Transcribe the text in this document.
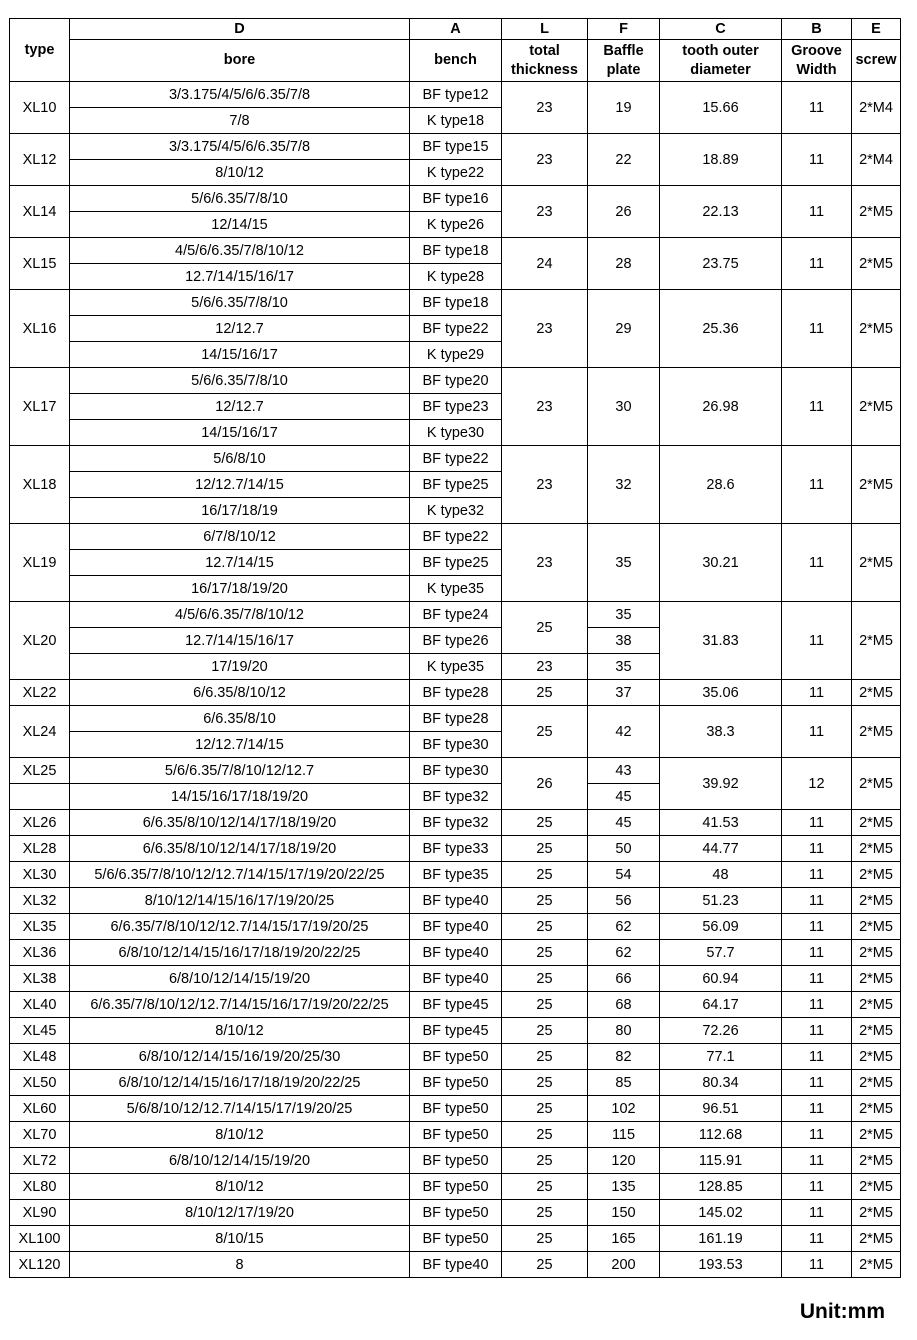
type	D	A	L	F	C	B	E
	bore	bench	total thickness	Baffle plate	tooth outer diameter	Groove Width	screw
XL10	3/3.175/4/5/6/6.35/7/8	BF type12	23	19	15.66	11	2*M4
	7/8	K type18					
XL12	3/3.175/4/5/6/6.35/7/8	BF type15	23	22	18.89	11	2*M4
	8/10/12	K type22					
XL14	5/6/6.35/7/8/10	BF type16	23	26	22.13	11	2*M5
	12/14/15	K type26					
XL15	4/5/6/6.35/7/8/10/12	BF type18	24	28	23.75	11	2*M5
	12.7/14/15/16/17	K type28					
XL16	5/6/6.35/7/8/10	BF type18	23	29	25.36	11	2*M5
	12/12.7	BF type22					
	14/15/16/17	K type29					
XL17	5/6/6.35/7/8/10	BF type20	23	30	26.98	11	2*M5
	12/12.7	BF type23					
	14/15/16/17	K type30					
XL18	5/6/8/10	BF type22	23	32	28.6	11	2*M5
	12/12.7/14/15	BF type25					
	16/17/18/19	K type32					
XL19	6/7/8/10/12	BF type22	23	35	30.21	11	2*M5
	12.7/14/15	BF type25					
	16/17/18/19/20	K type35					
XL20	4/5/6/6.35/7/8/10/12	BF type24	25	35	31.83	11	2*M5
	12.7/14/15/16/17	BF type26		38			
	17/19/20	K type35	23	35			
XL22	6/6.35/8/10/12	BF type28	25	37	35.06	11	2*M5
XL24	6/6.35/8/10	BF type28	25	42	38.3	11	2*M5
	12/12.7/14/15	BF type30					
XL25	5/6/6.35/7/8/10/12/12.7	BF type30	26	43	39.92	12	2*M5
	14/15/16/17/18/19/20	BF type32		45			
XL26	6/6.35/8/10/12/14/17/18/19/20	BF type32	25	45	41.53	11	2*M5
XL28	6/6.35/8/10/12/14/17/18/19/20	BF type33	25	50	44.77	11	2*M5
XL30	5/6/6.35/7/8/10/12/12.7/14/15/17/19/20/22/25	BF type35	25	54	48	11	2*M5
XL32	8/10/12/14/15/16/17/19/20/25	BF type40	25	56	51.23	11	2*M5
XL35	6/6.35/7/8/10/12/12.7/14/15/17/19/20/25	BF type40	25	62	56.09	11	2*M5
XL36	6/8/10/12/14/15/16/17/18/19/20/22/25	BF type40	25	62	57.7	11	2*M5
XL38	6/8/10/12/14/15/19/20	BF type40	25	66	60.94	11	2*M5
XL40	6/6.35/7/8/10/12/12.7/14/15/16/17/19/20/22/25	BF type45	25	68	64.17	11	2*M5
XL45	8/10/12	BF type45	25	80	72.26	11	2*M5
XL48	6/8/10/12/14/15/16/19/20/25/30	BF type50	25	82	77.1	11	2*M5
XL50	6/8/10/12/14/15/16/17/18/19/20/22/25	BF type50	25	85	80.34	11	2*M5
XL60	5/6/8/10/12/12.7/14/15/17/19/20/25	BF type50	25	102	96.51	11	2*M5
XL70	8/10/12	BF type50	25	115	112.68	11	2*M5
XL72	6/8/10/12/14/15/19/20	BF type50	25	120	115.91	11	2*M5
XL80	8/10/12	BF type50	25	135	128.85	11	2*M5
XL90	8/10/12/17/19/20	BF type50	25	150	145.02	11	2*M5
XL100	8/10/15	BF type50	25	165	161.19	11	2*M5
XL120	8	BF type40	25	200	193.53	11	2*M5
Unit:mm
